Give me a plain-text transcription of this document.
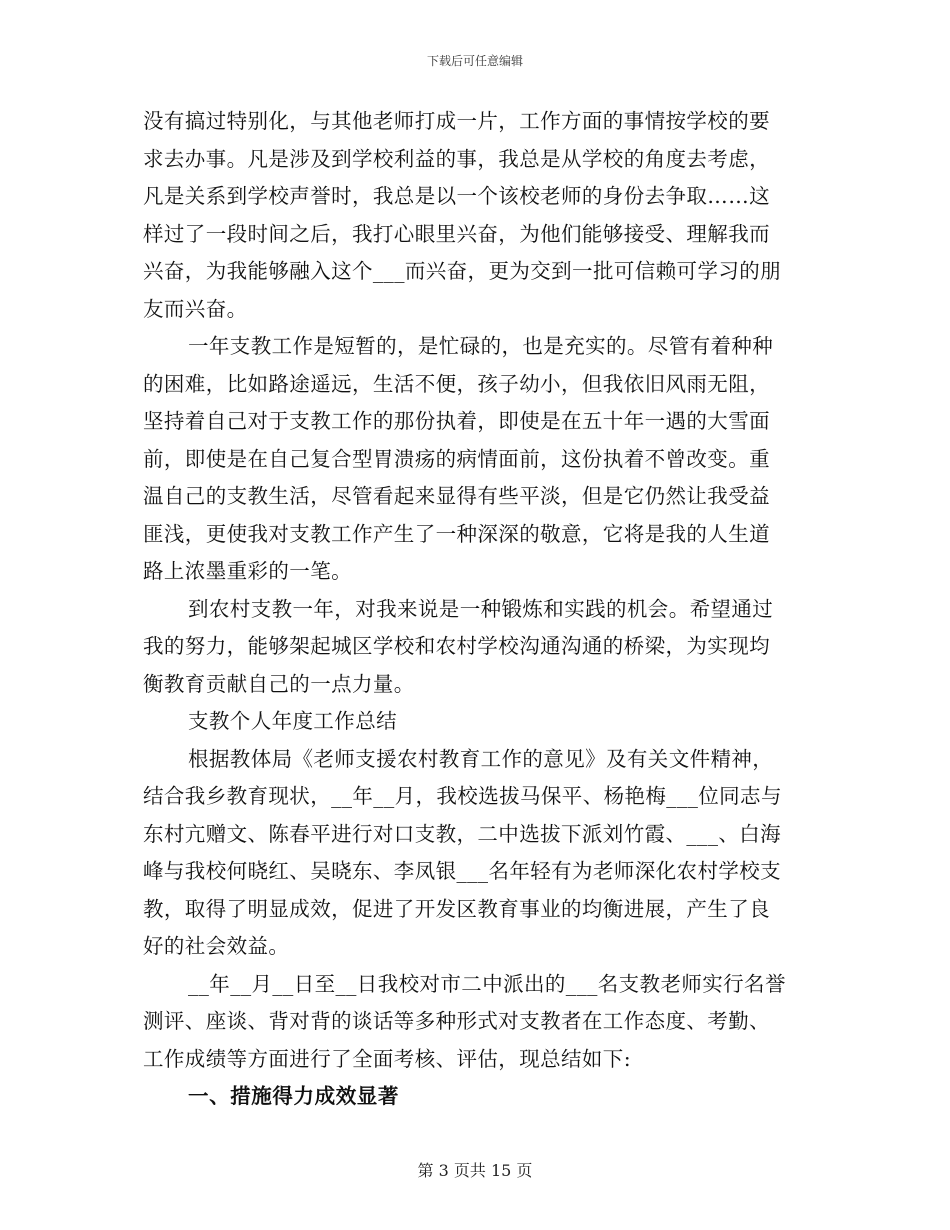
下载后可任意编辑
没有搞过特别化，与其他老师打成一片，工作方面的事情按学校的要
求去办事。凡是涉及到学校利益的事，我总是从学校的角度去考虑，
凡是关系到学校声誉时，我总是以一个该校老师的身份去争取……这
样过了一段时间之后，我打心眼里兴奋，为他们能够接受、理解我而
兴奋，为我能够融入这个___而兴奋，更为交到一批可信赖可学习的朋
友而兴奋。
一年支教工作是短暂的，是忙碌的，也是充实的。尽管有着种种
的困难，比如路途遥远，生活不便，孩子幼小，但我依旧风雨无阻，
坚持着自己对于支教工作的那份执着，即使是在五十年一遇的大雪面
前，即使是在自己复合型胃溃疡的病情面前，这份执着不曾改变。重
温自己的支教生活，尽管看起来显得有些平淡，但是它仍然让我受益
匪浅，更使我对支教工作产生了一种深深的敬意，它将是我的人生道
路上浓墨重彩的一笔。
到农村支教一年，对我来说是一种锻炼和实践的机会。希望通过
我的努力，能够架起城区学校和农村学校沟通沟通的桥梁，为实现均
衡教育贡献自己的一点力量。
支教个人年度工作总结
根据教体局《老师支援农村教育工作的意见》及有关文件精神，
结合我乡教育现状，__年__月，我校选拔马保平、杨艳梅___位同志与
东村亢赠文、陈春平进行对口支教，二中选拔下派刘竹霞、___、白海
峰与我校何晓红、吴晓东、李凤银___名年轻有为老师深化农村学校支
教，取得了明显成效，促进了开发区教育事业的均衡进展，产生了良
好的社会效益。
__年__月__日至__日我校对市二中派出的___名支教老师实行名誉
测评、座谈、背对背的谈话等多种形式对支教者在工作态度、考勤、
工作成绩等方面进行了全面考核、评估，现总结如下:
一、措施得力成效显著
第 3 页共 15 页
